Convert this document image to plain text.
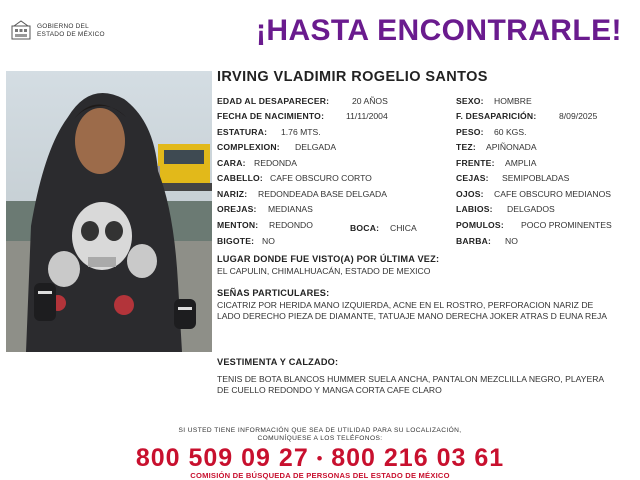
GOBIERNO DEL
ESTADO DE MÉXICO	¡HASTA ENCONTRARLE!
IRVING VLADIMIR ROGELIO SANTOS
EDAD AL DESAPARECER:	20 AÑOS
FECHA DE NACIMIENTO:	11/11/2004
ESTATURA: 1.76 MTS.
COMPLEXION: DELGADA
CARA: REDONDA
CABELLO: CAFE OBSCURO CORTO
NARIZ: REDONDEADA BASE DELGADA
OREJAS: MEDIANAS
MENTON: REDONDO	BOCA: CHICA
BIGOTE: NO
SEXO: HOMBRE
F. DESAPARICIÓN:	8/09/2025
PESO: 60 KGS.
TEZ: APIÑONADA
FRENTE: AMPLIA
CEJAS: SEMIPOBLADAS
OJOS: CAFE OBSCURO MEDIANOS
LABIOS: DELGADOS
POMULOS: POCO PROMINENTES
BARBA: NO
LUGAR DONDE FUE VISTO(A) POR ÚLTIMA VEZ:
EL CAPULIN, CHIMALHUACÁN, ESTADO DE MEXICO
SEÑAS PARTICULARES:
CICATRIZ POR HERIDA MANO IZQUIERDA, ACNE EN EL ROSTRO, PERFORACION NARIZ DE LADO DERECHO PIEZA DE DIAMANTE, TATUAJE MANO DERECHA JOKER ATRAS D EUNA REJA
VESTIMENTA Y CALZADO:
TENIS DE BOTA BLANCOS HUMMER SUELA ANCHA, PANTALON MEZCLILLA NEGRO, PLAYERA DE CUELLO REDONDO Y MANGA CORTA CAFE CLARO
SI USTED TIENE INFORMACIÓN QUE SEA DE UTILIDAD PARA SU LOCALIZACIÓN,
COMUNÍQUESE A LOS TELÉFONOS:
800 509 09 27 • 800 216 03 61
COMISIÓN DE BÚSQUEDA DE PERSONAS DEL ESTADO DE MÉXICO
